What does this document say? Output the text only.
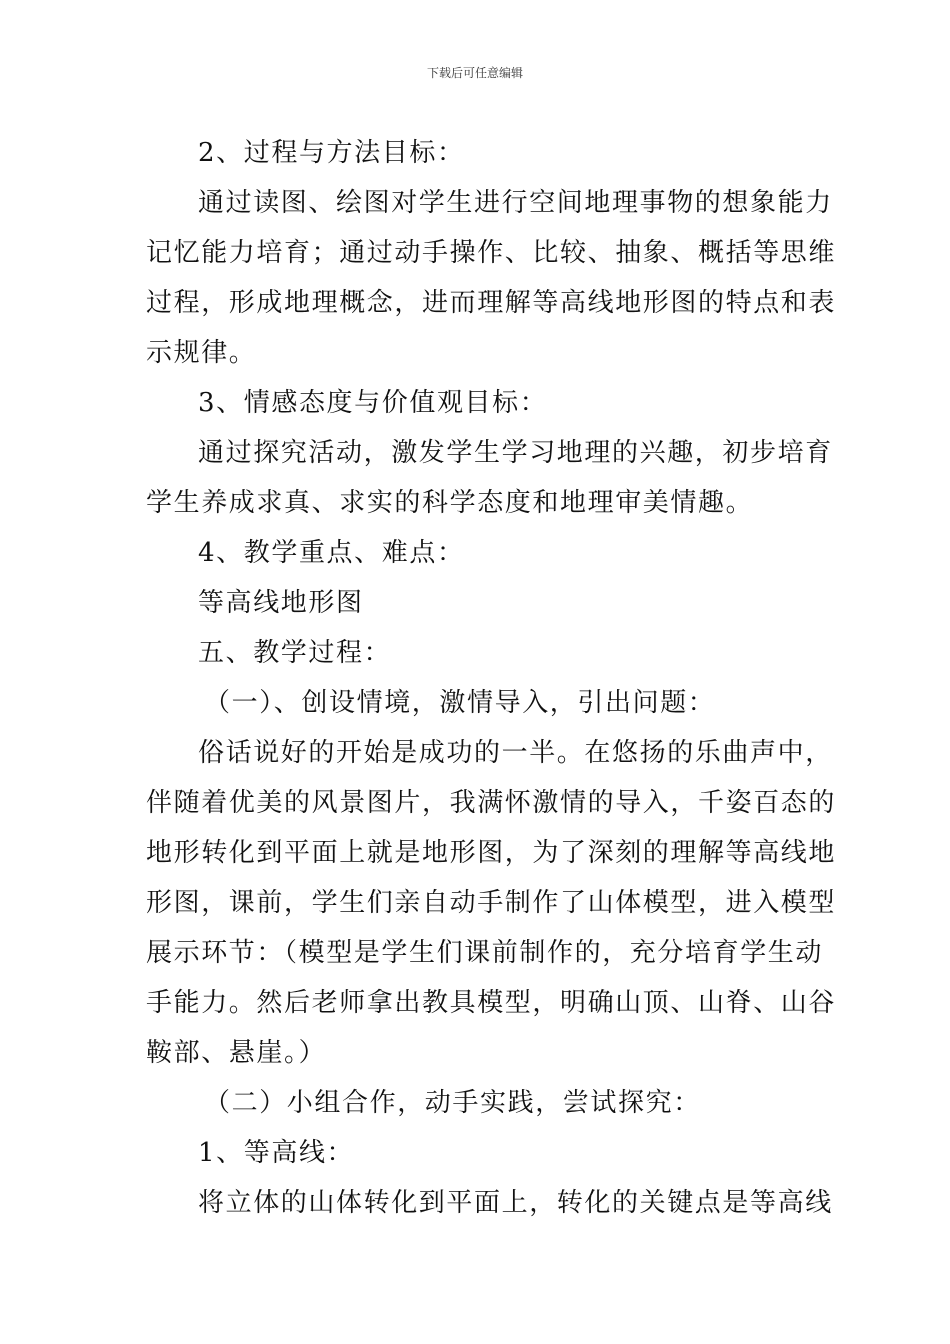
下载后可任意编辑
2、过程与方法目标：
通过读图、绘图对学生进行空间地理事物的想象能力
记忆能力培育；通过动手操作、比较、抽象、概括等思维
过程，形成地理概念，进而理解等高线地形图的特点和表
示规律。
3、情感态度与价值观目标：
通过探究活动，激发学生学习地理的兴趣，初步培育
学生养成求真、求实的科学态度和地理审美情趣。
4、教学重点、难点：
等高线地形图
五、教学过程：
（一）、创设情境，激情导入，引出问题：
俗话说好的开始是成功的一半。在悠扬的乐曲声中，
伴随着优美的风景图片，我满怀激情的导入，千姿百态的
地形转化到平面上就是地形图，为了深刻的理解等高线地
形图，课前，学生们亲自动手制作了山体模型，进入模型
展示环节：（模型是学生们课前制作的，充分培育学生动
手能力。然后老师拿出教具模型，明确山顶、山脊、山谷
鞍部、悬崖。）
（二）小组合作，动手实践，尝试探究：
1、等高线：
将立体的山体转化到平面上，转化的关键点是等高线
